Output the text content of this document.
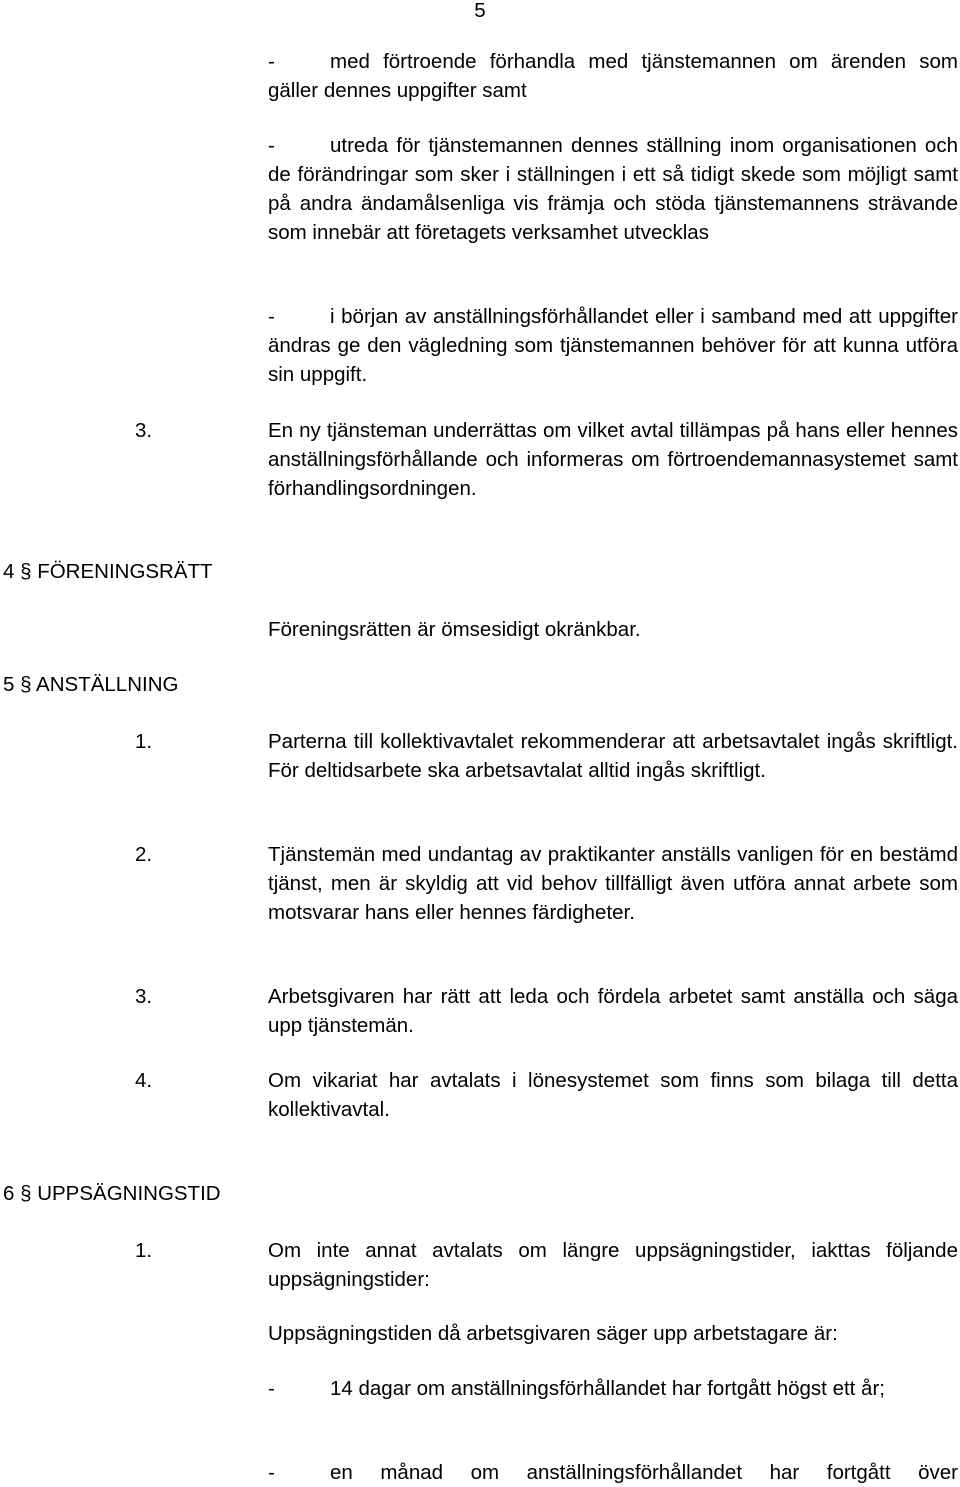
5
-	med förtroende förhandla med tjänstemannen om ärenden som gäller dennes uppgifter samt
-	utreda för tjänstemannen dennes ställning inom organisationen och de förändringar som sker i ställningen i ett så tidigt skede som möjligt samt på andra ändamålsenliga vis främja och stöda tjänstemannens strävande som innebär att företagets verksamhet utvecklas
-	i början av anställningsförhållandet eller i samband med att uppgifter ändras ge den vägledning som tjänstemannen behöver för att kunna utföra sin uppgift.
3.	En ny tjänsteman underrättas om vilket avtal tillämpas på hans eller hennes anställningsförhållande och informeras om förtroendemannasystemet samt förhandlingsordningen.
4 § FÖRENINGSRÄTT
Föreningsrätten är ömsesidigt okränkbar.
5 § ANSTÄLLNING
1.	Parterna till kollektivavtalet rekommenderar att arbetsavtalet ingås skriftligt. För deltidsarbete ska arbetsavtalat alltid ingås skriftligt.
2.	Tjänstemän med undantag av praktikanter anställs vanligen för en bestämd tjänst, men är skyldig att vid behov tillfälligt även utföra annat arbete som motsvarar hans eller hennes färdigheter.
3.	Arbetsgivaren har rätt att leda och fördela arbetet samt anställa och säga upp tjänstemän.
4.	Om vikariat har avtalats i lönesystemet som finns som bilaga till detta kollektivavtal.
6 § UPPSÄGNINGSTID
1.	Om inte annat avtalats om längre uppsägningstider, iakttas följande uppsägningstider:
Uppsägningstiden då arbetsgivaren säger upp arbetstagare är:
-	14 dagar om anställningsförhållandet har fortgått högst ett år;
-	en månad om anställningsförhållandet har fortgått över
